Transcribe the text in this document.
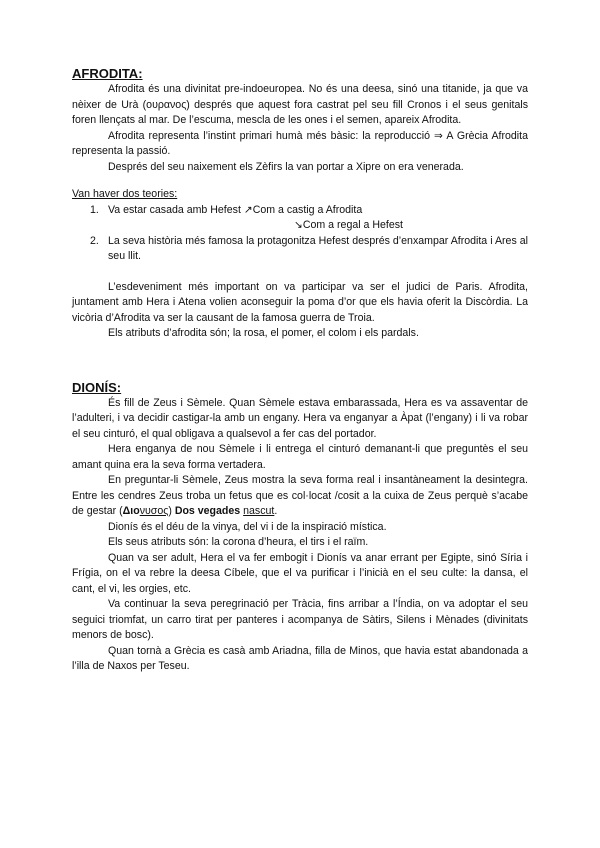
AFRODITA:

Afrodita és una divinitat pre-indoeuropea. No és una deesa, sinó una titanide, ja que va nèixer de Urà (ουρανος) després que aquest fora castrat pel seu fill Cronos i el seus genitals foren llençats al mar. De l’escuma, mescla de les ones i el semen, apareix Afrodita.

Afrodita representa l’instint primari humà més bàsic: la reproducció ⇒ A Grècia Afrodita representa la passió.

Després del seu naixement els Zèfirs la van portar a Xipre on era venerada.

Van haver dos teories:

1. Va estar casada amb Hefest ↗Com a castig a Afrodita
↘Com a regal a Hefest
2. La seva història més famosa la protagonitza Hefest després d’enxampar Afrodita i Ares al seu llit.

L’esdeveniment més important on va participar va ser el judici de Paris. Afrodita, juntament amb Hera i Atena volien aconseguir la poma d’or que els havia oferit la Discòrdia. La vicòria d’Afrodita va ser la causant de la famosa guerra de Troia.

Els atributs d’afrodita són; la rosa, el pomer, el colom i els pardals.

DIONÍS:

És fill de Zeus i Sèmele. Quan Sèmele estava embarassada, Hera es va assaventar de l’adulteri, i va decidir castigar-la amb un engany. Hera va enganyar a Àpat (l’engany) i li va robar el seu cinturó, el qual obligava a qualsevol a fer cas del portador.

Hera enganya de nou Sèmele i li entrega el cinturó demanant-li que preguntès el seu amant quina era la seva forma vertadera.

En preguntar-li Sèmele, Zeus mostra la seva forma real i insantàneament la desintegra. Entre les cendres Zeus troba un fetus que es col·locat /cosit a la cuixa de Zeus perquè s’acabe de gestar (Διονυσος) Dos vegades nascut.

Dionís és el déu de la vinya, del vi i de la inspiració mística.

Els seus atributs són: la corona d’heura, el tirs i el raïm.

Quan va ser adult, Hera el va fer embogit i Dionís va anar errant per Egipte, sinó Síria i Frígia, on el va rebre la deesa Cíbele, que el va purificar i l’inicià en el seu culte: la dansa, el cant, el vi, les orgies, etc.

Va continuar la seva peregrinació per Tràcia, fins arribar a l’Índia, on va adoptar el seu seguici triomfat, un carro tirat per panteres i acompanya de Sàtirs, Silens i Mènades (divinitats menors de bosc).

Quan tornà a Grècia es casà amb Ariadna, filla de Minos, que havia estat abandonada a l’illa de Naxos per Teseu.
